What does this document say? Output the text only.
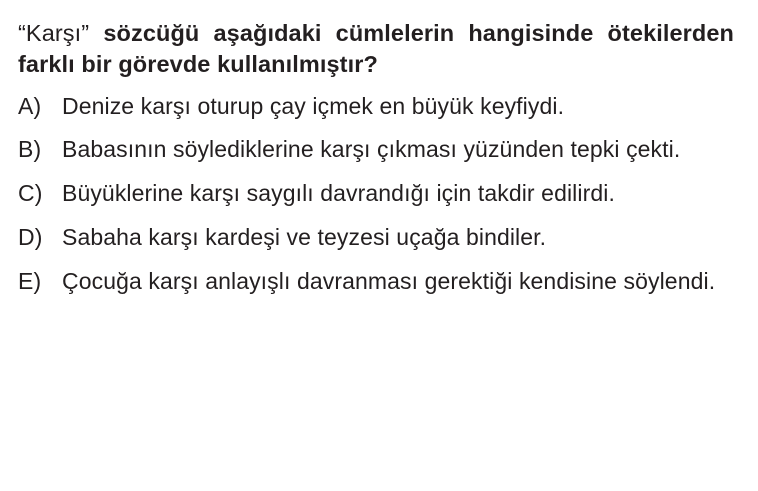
“Karşı” sözcüğü aşağıdaki cümlelerin hangisinde ötekilerden farklı bir görevde kullanılmıştır?

A) Denize karşı oturup çay içmek en büyük keyfiydi.
B) Babasının söylediklerine karşı çıkması yüzünden tepki çekti.
C) Büyüklerine karşı saygılı davrandığı için takdir edilirdi.
D) Sabaha karşı kardeşi ve teyzesi uçağa bindiler.
E) Çocuğa karşı anlayışlı davranması gerektiği kendisine söylendi.
